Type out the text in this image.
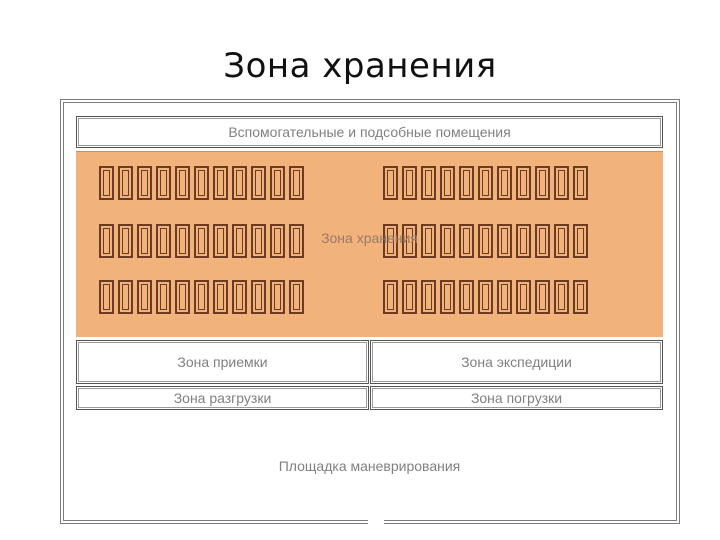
Зона хранения
Вспомогательные и подсобные помещения
Зона хранения
Зона приемки	Зона экспедиции
Зона разгрузки	Зона погрузки
Площадка маневрирования
